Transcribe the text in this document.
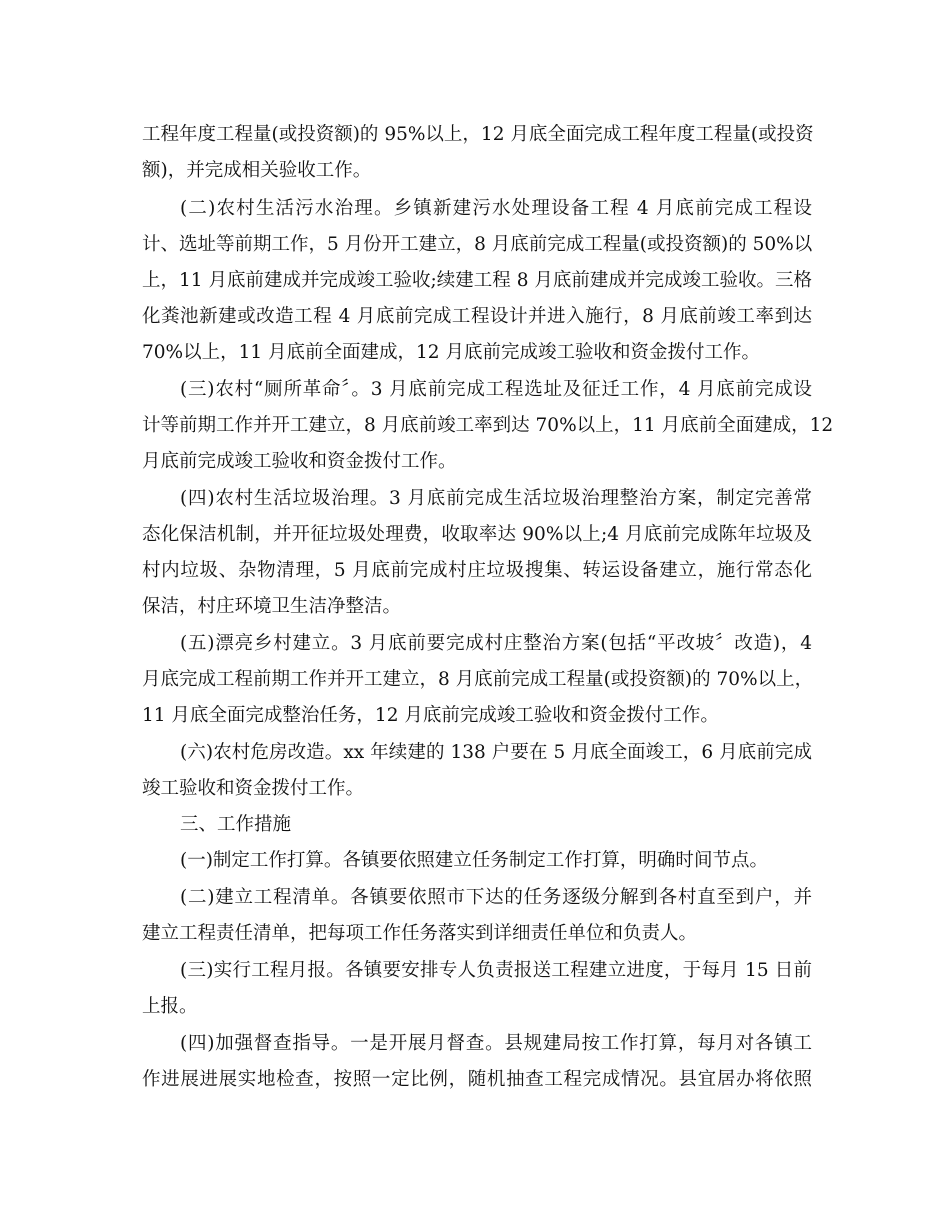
工程年度工程量(或投资额)的 95%以上，12 月底全面完成工程年度工程量(或投资
额)，并完成相关验收工作。
(二)农村生活污水治理。乡镇新建污水处理设备工程 4 月底前完成工程设
计、选址等前期工作，5 月份开工建立，8 月底前完成工程量(或投资额)的 50%以
上，11 月底前建成并完成竣工验收;续建工程 8 月底前建成并完成竣工验收。三格
化粪池新建或改造工程 4 月底前完成工程设计并进入施行，8 月底前竣工率到达
70%以上，11 月底前全面建成，12 月底前完成竣工验收和资金拨付工作。
(三)农村“厕所革命〞。3 月底前完成工程选址及征迁工作，4 月底前完成设
计等前期工作并开工建立，8 月底前竣工率到达 70%以上，11 月底前全面建成，12
月底前完成竣工验收和资金拨付工作。
(四)农村生活垃圾治理。3 月底前完成生活垃圾治理整治方案，制定完善常
态化保洁机制，并开征垃圾处理费，收取率达 90%以上;4 月底前完成陈年垃圾及
村内垃圾、杂物清理，5 月底前完成村庄垃圾搜集、转运设备建立，施行常态化
保洁，村庄环境卫生洁净整洁。
(五)漂亮乡村建立。3 月底前要完成村庄整治方案(包括“平改坡〞改造)，4
月底完成工程前期工作并开工建立，8 月底前完成工程量(或投资额)的 70%以上，
11 月底全面完成整治任务，12 月底前完成竣工验收和资金拨付工作。
(六)农村危房改造。xx 年续建的 138 户要在 5 月底全面竣工，6 月底前完成
竣工验收和资金拨付工作。
三、工作措施
(一)制定工作打算。各镇要依照建立任务制定工作打算，明确时间节点。
(二)建立工程清单。各镇要依照市下达的任务逐级分解到各村直至到户，并
建立工程责任清单，把每项工作任务落实到详细责任单位和负责人。
(三)实行工程月报。各镇要安排专人负责报送工程建立进度，于每月 15 日前
上报。
(四)加强督查指导。一是开展月督查。县规建局按工作打算，每月对各镇工
作进展进展实地检查，按照一定比例，随机抽查工程完成情况。县宜居办将依照
